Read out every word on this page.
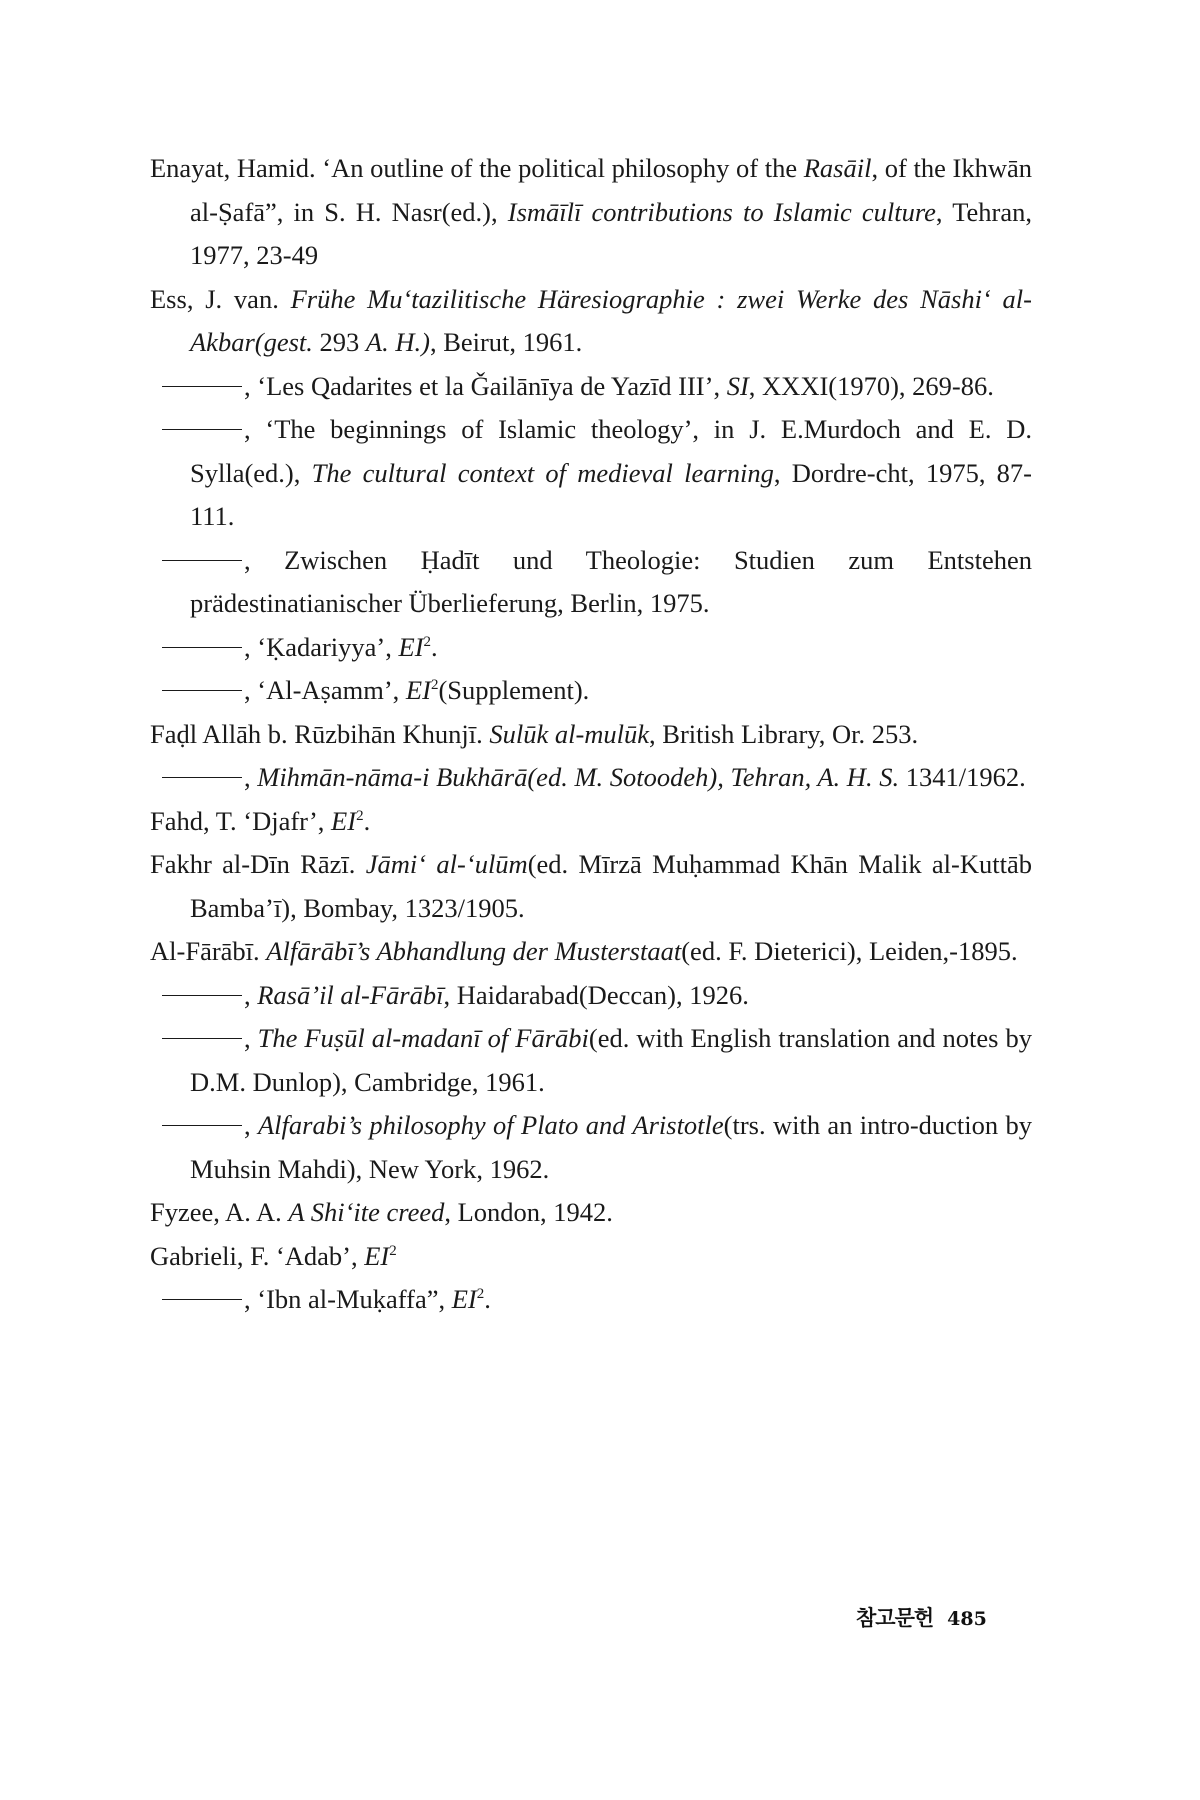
Enayat, Hamid. ‘An outline of the political philosophy of the Rasāil, of the Ikhwān al-Ṣafā”, in S. H. Nasr(ed.), Ismāīlī contributions to Islamic culture, Tehran, 1977, 23-49

Ess, J. van. Frühe Mu‘tazilitische Häresiographie : zwei Werke des Nāshi‘ al-Akbar(gest. 293 A. H.), Beirut, 1961.

, ‘Les Qadarites et la Ǧailānīya de Yazīd III’, SI, XXXI(1970), 269-86.

, ‘The beginnings of Islamic theology’, in J. E.Murdoch and E. D. Sylla(ed.), The cultural context of medieval learning, Dordre-cht, 1975, 87-111.

, Zwischen Ḥadīt und Theologie: Studien zum Entstehen prädestinatianischer Überlieferung, Berlin, 1975.

, ‘Ḳadariyya’, $EI^2$.

, ‘Al-Aṣamm’, $EI^2(Supplement)$.

Faḍl Allāh b. Rūzbihān Khunjī. Sulūk al-mulūk, British Library, Or. 253.

, Mihmān-nāma-i Bukhārā(ed. M. Sotoodeh), Tehran, A. H. S. 1341/1962.

Fahd, T. ‘Djafr’, $EI^2$.

Fakhr al-Dīn Rāzī. Jāmi‘ al-‘ulūm(ed. Mīrzā Muḥammad Khān Malik al-Kuttāb Bamba’ī), Bombay, 1323/1905.

Al-Fārābī. Alfārābī’s Abhandlung der Musterstaat(ed. F. Dieterici), Leiden,-1895.

, Rasā’il al-Fārābī, Haidarabad(Deccan), 1926.

, The Fuṣūl al-madanī of Fārābi(ed. with English translation and notes by D.M. Dunlop), Cambridge, 1961.

, Alfarabi’s philosophy of Plato and Aristotle(trs. with an intro-duction by Muhsin Mahdi), New York, 1962.

Fyzee, A. A. A Shi‘ite creed, London, 1942.

Gabrieli, F. ‘Adab’, $EI^2$

, ‘Ibn al-Muḳaffa”, $EI^2$.

참고문헌 485
